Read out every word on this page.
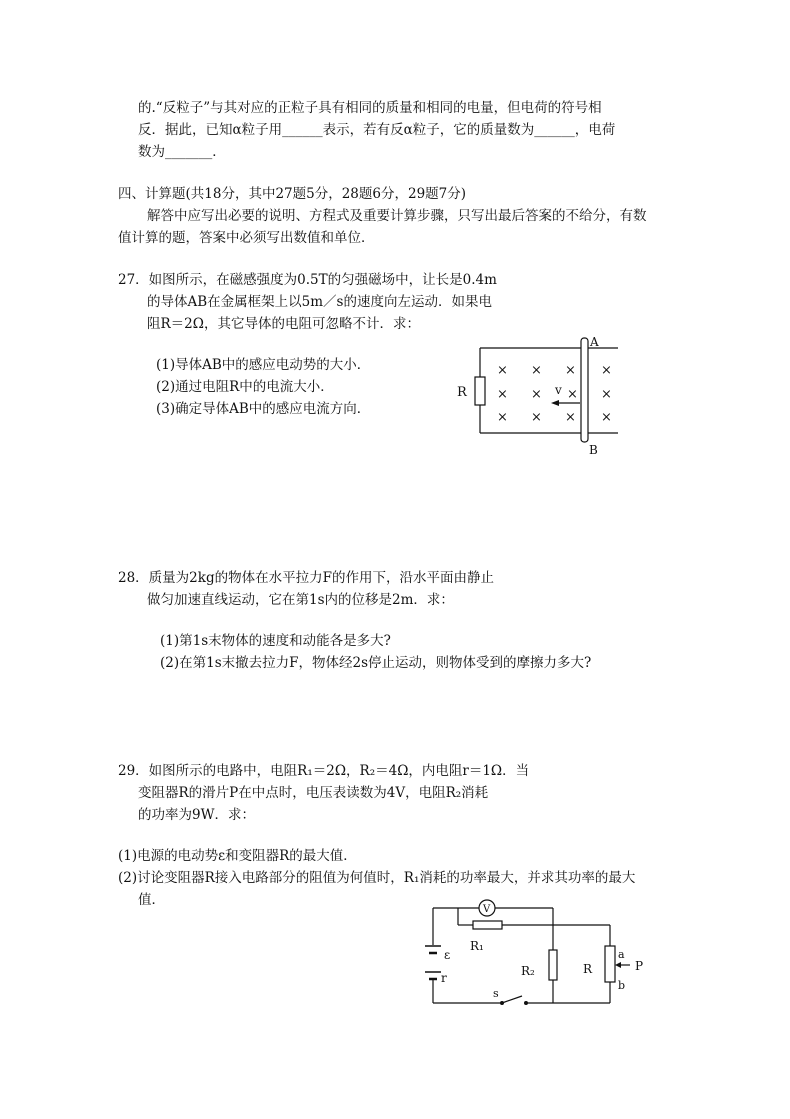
的.“反粒子”与其对应的正粒子具有相同的质量和相同的电量，但电荷的符号相
反．据此，已知α粒子用______表示，若有反α粒子，它的质量数为______，电荷
数为_______．
四、计算题(共18分，其中27题5分，28题6分，29题7分)
解答中应写出必要的说明、方程式及重要计算步骤，只写出最后答案的不给分，有数
值计算的题，答案中必须写出数值和单位．
27．如图所示，在磁感强度为0.5T的匀强磁场中，让长是0.4m
的导体AB在金属框架上以5m／s的速度向左运动．如果电
阻R＝2Ω，其它导体的电阻可忽略不计．求：
(1)导体AB中的感应电动势的大小．
(2)通过电阻R中的电流大小．
(3)确定导体AB中的感应电流方向．
R
A
B
× × × ×
× × × ×
× × × ×
v
28．质量为2kg的物体在水平拉力F的作用下，沿水平面由静止
做匀加速直线运动，它在第1s内的位移是2m．求：
(1)第1s末物体的速度和动能各是多大?
(2)在第1s末撤去拉力F，物体经2s停止运动，则物体受到的摩擦力多大?
29．如图所示的电路中，电阻R₁＝2Ω，R₂＝4Ω，内电阻r＝1Ω．当
变阻器R的滑片P在中点时，电压表读数为4V，电阻R₂消耗
的功率为9W．求：
(1)电源的电动势ε和变阻器R的最大值．
(2)讨论变阻器R接入电路部分的阻值为何值时，R₁消耗的功率最大，并求其功率的最大
值．
V
R₁
ε
r	R₂	R
a
b
P
s
